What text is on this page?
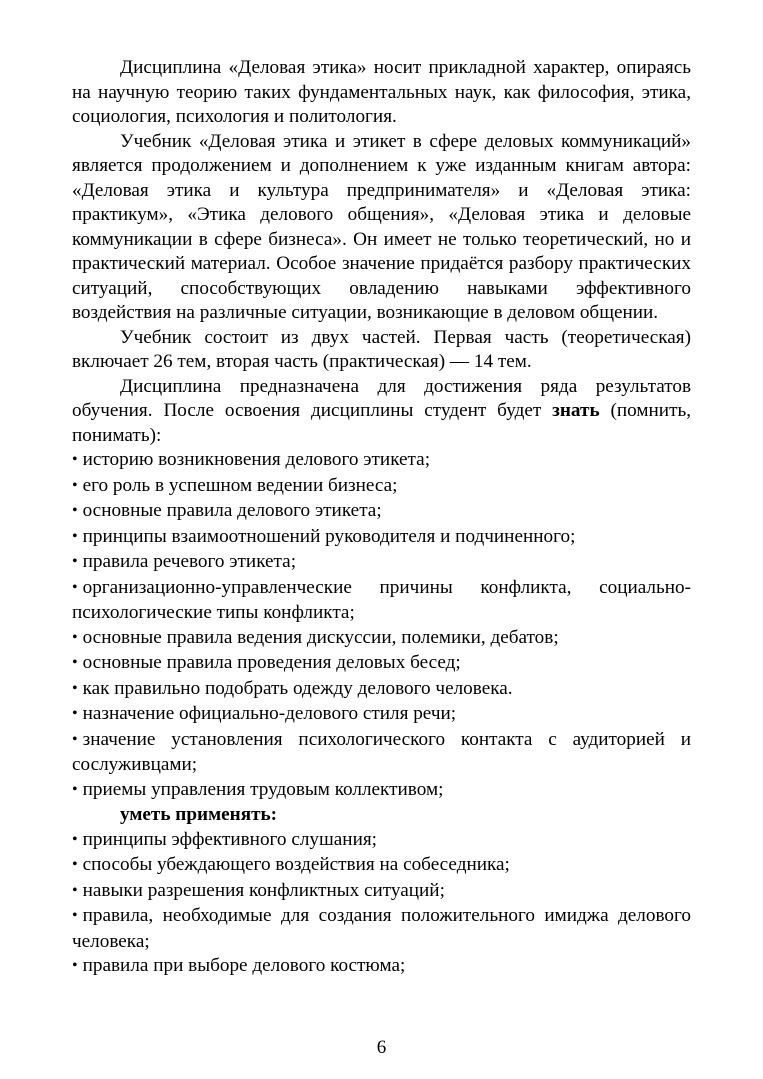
Дисциплина «Деловая этика» носит прикладной характер, опираясь на научную теорию таких фундаментальных наук, как философия, этика, социология, психология и политология.

Учебник «Деловая этика и этикет в сфере деловых коммуникаций» является продолжением и дополнением к уже изданным книгам автора: «Деловая этика и культура предпринимателя» и «Деловая этика: практикум», «Этика делового общения», «Деловая этика и деловые коммуникации в сфере бизнеса». Он имеет не только теоретический, но и практический материал. Особое значение придаётся разбору практических ситуаций, способствующих овладению навыками эффективного воздействия на различные ситуации, возникающие в деловом общении.

Учебник состоит из двух частей. Первая часть (теоретическая) включает 26 тем, вторая часть (практическая) — 14 тем.

Дисциплина предназначена для достижения ряда результатов обучения. После освоения дисциплины студент будет знать (помнить, понимать):

• историю возникновения делового этикета;

• его роль в успешном ведении бизнеса;

• основные правила делового этикета;

• принципы взаимоотношений руководителя и подчиненного;

• правила речевого этикета;

• организационно-управленческие причины конфликта, социально-психологические типы конфликта;

• основные правила ведения дискуссии, полемики, дебатов;

• основные правила проведения деловых бесед;

• как правильно подобрать одежду делового человека.

• назначение официально-делового стиля речи;

• значение установления психологического контакта с аудиторией и сослуживцами;

• приемы управления трудовым коллективом;

уметь применять:

• принципы эффективного слушания;

• способы убеждающего воздействия на собеседника;

• навыки разрешения конфликтных ситуаций;

• правила, необходимые для создания положительного имиджа делового человека;

• правила при выборе делового костюма;

6
